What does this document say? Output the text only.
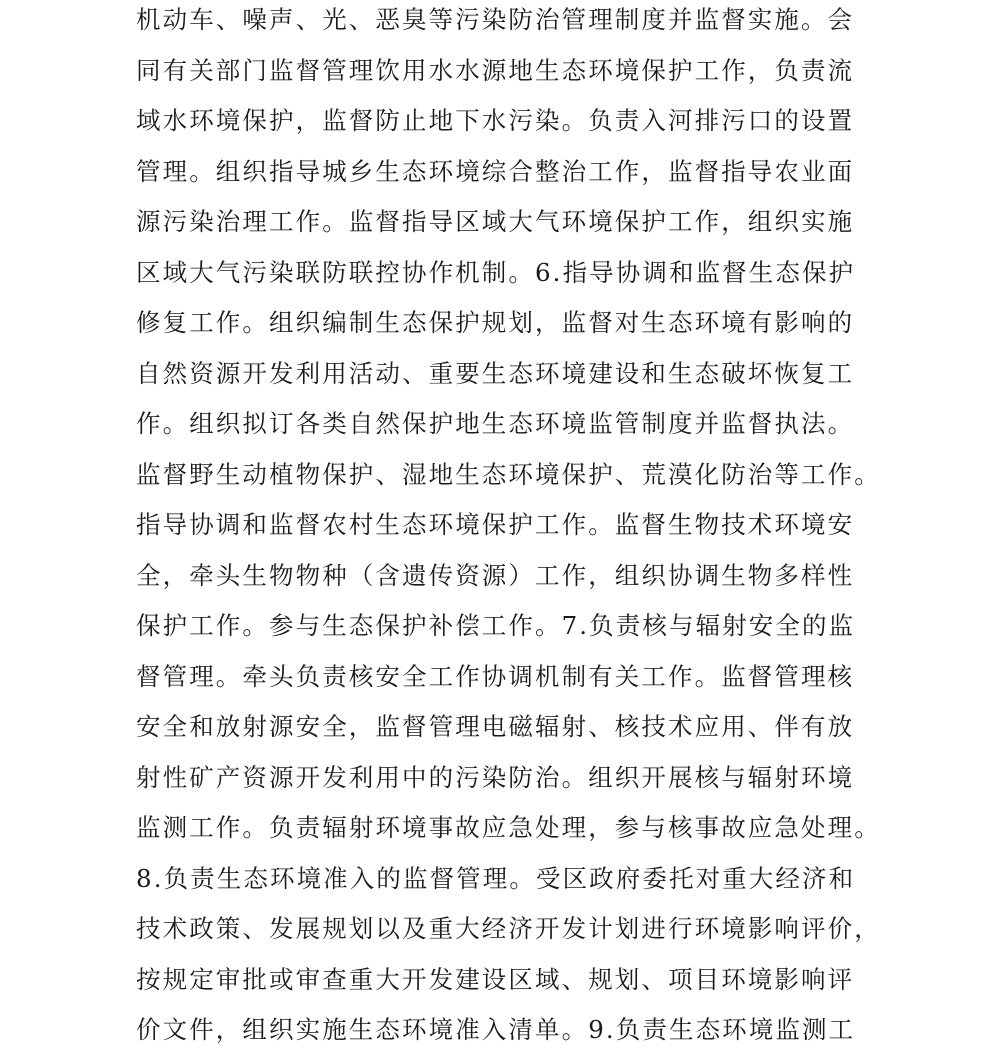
机动车、噪声、光、恶臭等污染防治管理制度并监督实施。会
同有关部门监督管理饮用水水源地生态环境保护工作，负责流
域水环境保护，监督防止地下水污染。负责入河排污口的设置
管理。组织指导城乡生态环境综合整治工作，监督指导农业面
源污染治理工作。监督指导区域大气环境保护工作，组织实施
区域大气污染联防联控协作机制。6.指导协调和监督生态保护
修复工作。组织编制生态保护规划，监督对生态环境有影响的
自然资源开发利用活动、重要生态环境建设和生态破坏恢复工
作。组织拟订各类自然保护地生态环境监管制度并监督执法。
监督野生动植物保护、湿地生态环境保护、荒漠化防治等工作。
指导协调和监督农村生态环境保护工作。监督生物技术环境安
全，牵头生物物种（含遗传资源）工作，组织协调生物多样性
保护工作。参与生态保护补偿工作。7.负责核与辐射安全的监
督管理。牵头负责核安全工作协调机制有关工作。监督管理核
安全和放射源安全，监督管理电磁辐射、核技术应用、伴有放
射性矿产资源开发利用中的污染防治。组织开展核与辐射环境
监测工作。负责辐射环境事故应急处理，参与核事故应急处理。
8.负责生态环境准入的监督管理。受区政府委托对重大经济和
技术政策、发展规划以及重大经济开发计划进行环境影响评价，
按规定审批或审查重大开发建设区域、规划、项目环境影响评
价文件，组织实施生态环境准入清单。9.负责生态环境监测工
